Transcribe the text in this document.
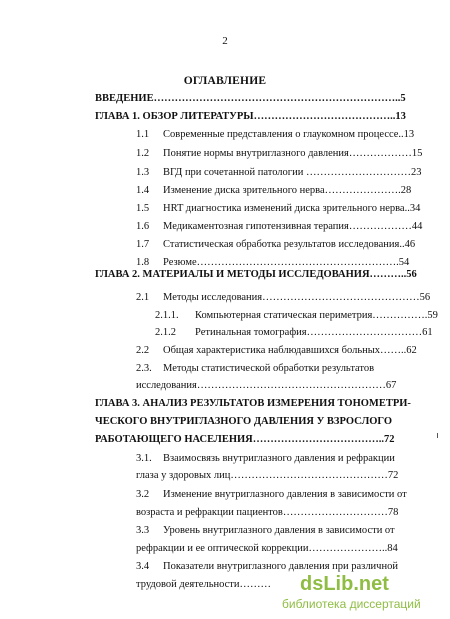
2
ОГЛАВЛЕНИЕ
ВВЕДЕНИЕ……………………………………………………………..5
ГЛАВА 1. ОБЗОР ЛИТЕРАТУРЫ…………………………………..13
1.1 Современные представления о глаукомном процессе..13
1.2 Понятие нормы внутриглазного давления………………15
1.3 ВГД при сочетанной патологии …………………………23
1.4 Изменение диска зрительного нерва………………….28
1.5 HRT диагностика изменений диска зрительного нерва..34
1.6 Медикаментозная гипотензивная терапия………………44
1.7 Статистическая обработка результатов исследования..46
1.8 Резюме………………………………………………….54
ГЛАВА 2. МАТЕРИАЛЫ И МЕТОДЫ ИССЛЕДОВАНИЯ………..56
2.1 Методы исследования………………………………………56
2.1.1. Компьютерная статическая периметрия…………….59
2.1.2 Ретинальная томография……………………………61
2.2 Общая характеристика наблюдавшихся больных……..62
2.3. Методы статистической обработки результатов
исследования………………………………………………67
ГЛАВА 3. АНАЛИЗ РЕЗУЛЬТАТОВ ИЗМЕРЕНИЯ ТОНОМЕТРИ-
ЧЕСКОГО ВНУТРИГЛАЗНОГО ДАВЛЕНИЯ У ВЗРОСЛОГО
РАБОТАЮЩЕГО НАСЕЛЕНИЯ………………………………..72
3.1. Взаимосвязь внутриглазного давления и рефракции
глаза у здоровых лиц………………………………………72
3.2 Изменение внутриглазного давления в зависимости от
возраста и рефракции пациентов…………………………78
3.3 Уровень внутриглазного давления в зависимости от
рефракции и ее оптической коррекции…………………..84
3.4 Показатели внутриглазного давления при различной
трудовой деятельности……… dsLib.net
библиотека диссертаций
